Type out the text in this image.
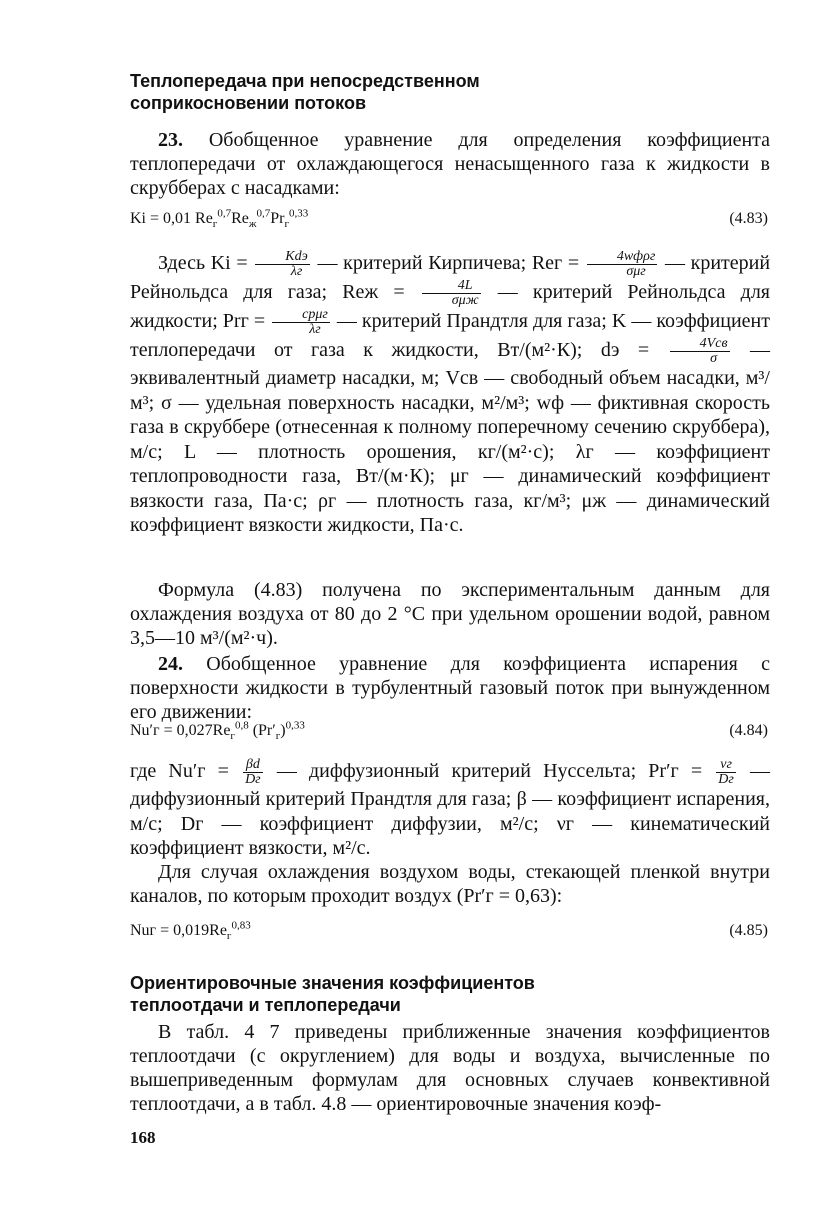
Теплопередача при непосредственном
соприкосновении потоков

23. Обобщенное уравнение для определения коэффициента теплопередачи от охлаждающегося ненасыщенного газа к жидкости в скрубберах с насадками:

Ki = 0,01 $Re_г^{0,7}Re_ж^{0,7}Pr_г^{0,33}$	(4.83)

Здесь $Ki = \frac{\text{Kdэ}}{\lambda г}$ — критерий Кирпичева; Reг = $\frac{\text{4wфρг}}{\text{σμг}}$ — критерий Рейнольдса для газа; Reж = $\frac{4L}{\text{σμж}}$ — критерий Рейнольдса для жидкости; Prг = $\frac{\text{cpμг}}{\lambda г}$ — критерий Прандтля для газа; K — коэффициент теплопередачи от газа к жидкости, Вт/(м²·К); dэ = $\frac{\text{4Vсв}}{\sigma}$ — эквивалентный диаметр насадки, м; Vсв — свободный объем насадки, м³/м³; σ — удельная поверхность насадки, м²/м³; wф — фиктивная скорость газа в скруббере (отнесенная к полному поперечному сечению скруббера), м/с; L — плотность орошения, кг/(м²·с); λг — коэффициент теплопроводности газа, Вт/(м·К); μг — динамический коэффициент вязкости газа, Па·с; ρг — плотность газа, кг/м³; μж — динамический коэффициент вязкости жидкости, Па·с.

Формула (4.83) получена по экспериментальным данным для охлаждения воздуха от 80 до 2 °С при удельном орошении водой, равном 3,5—10 м³/(м²·ч).

24. Обобщенное уравнение для коэффициента испарения с поверхности жидкости в турбулентный газовый поток при вынужденном его движении:

$Nu'г = 0,027Re_г^{0,8}$ $(Pr'_г)^{0,33}$	(4.84)

где $Nu'г = \frac{\beta d}{Dг}$ — диффузионный критерий Нуссельта; $Pr'г = \frac{\nu г}{Dг}$ — диффузионный критерий Прандтля для газа; β — коэффициент испарения, м/с; Dг — коэффициент диффузии, м²/с; νг — кинематический коэффициент вязкости, м²/с.

Для случая охлаждения воздухом воды, стекающей пленкой внутри каналов, по которым проходит воздух (Pr′г = 0,63):

Nuг = $0,019Re_г^{0,83}$	(4.85)
Ориентировочные значения коэффициентов
теплоотдачи и теплопередачи

В табл. 4 7 приведены приближенные значения коэффициентов теплоотдачи (с округлением) для воды и воздуха, вычисленные по вышеприведенным формулам для основных случаев конвективной теплоотдачи, а в табл. 4.8 — ориентировочные значения коэф-

168
